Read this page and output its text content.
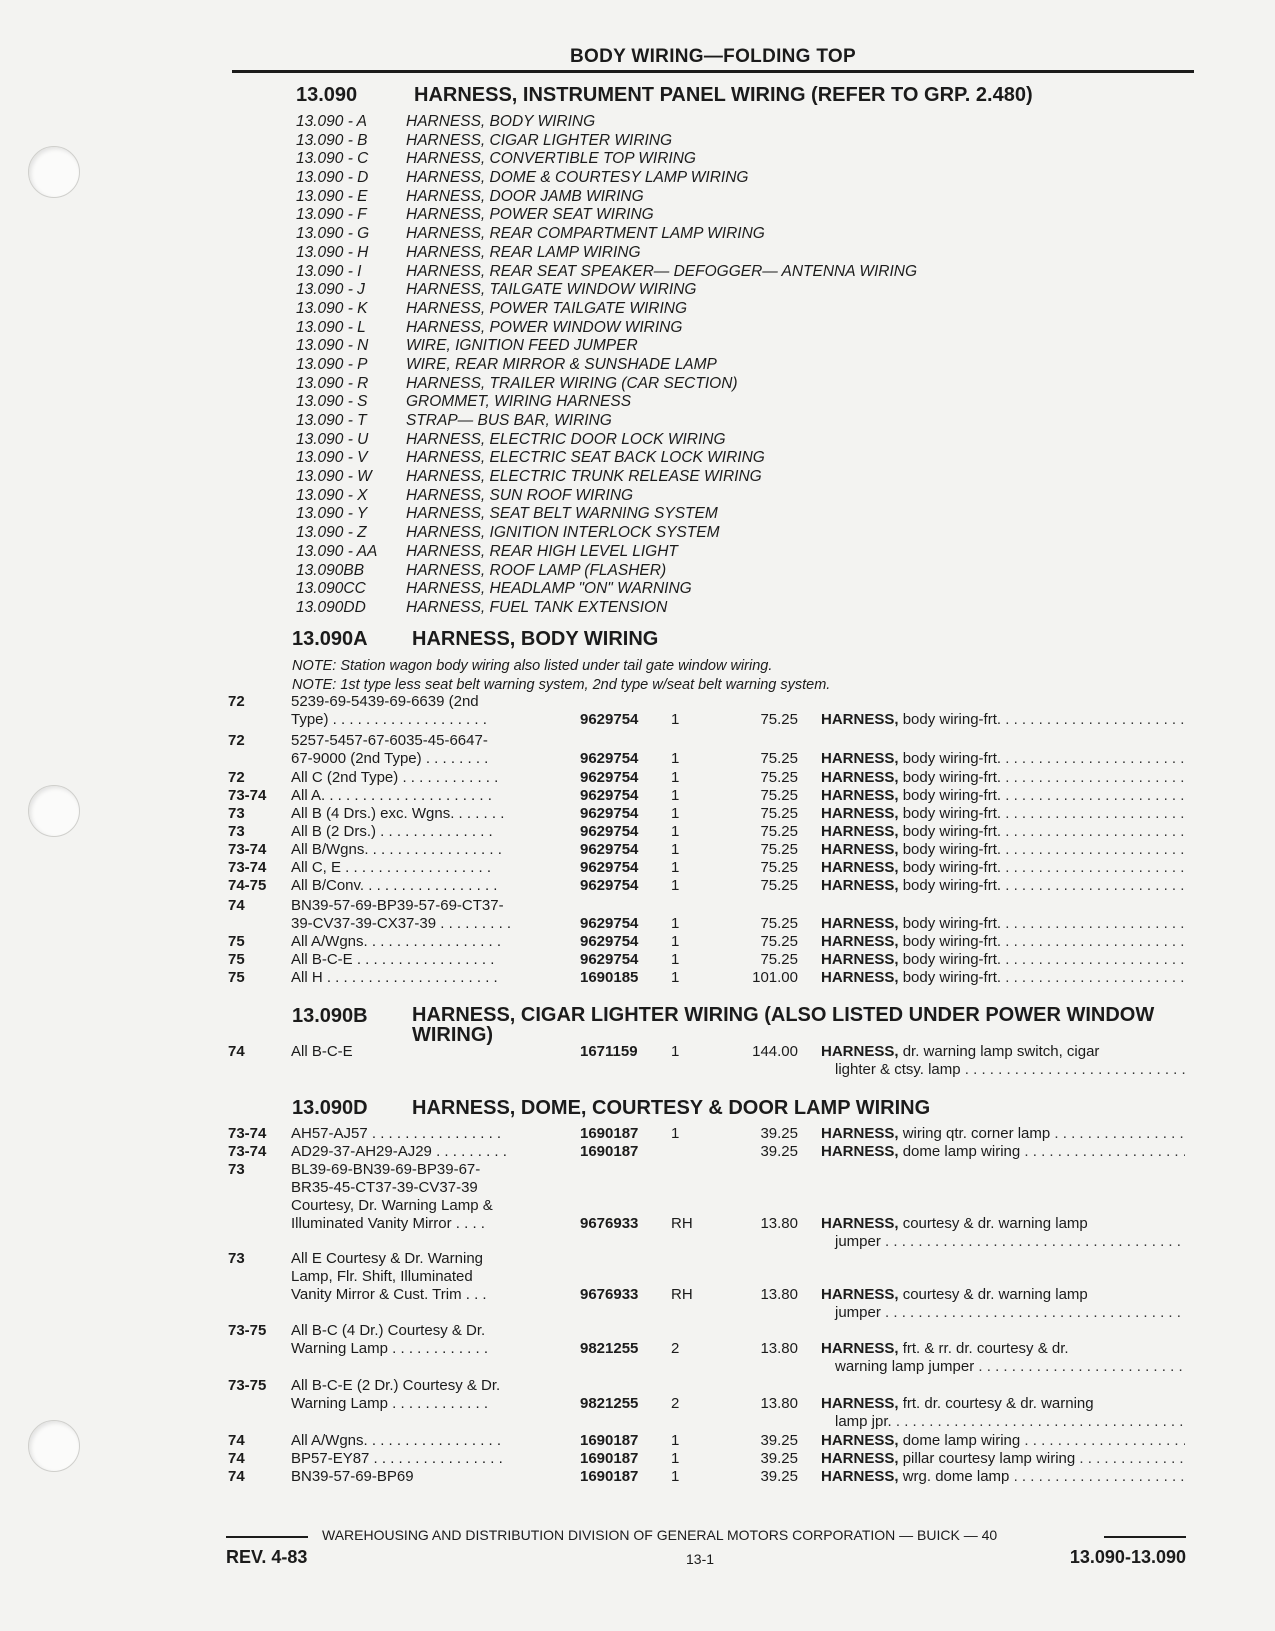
BODY WIRING—FOLDING TOP
13.090	HARNESS, INSTRUMENT PANEL WIRING (REFER TO GRP. 2.480)
13.090 - A	HARNESS, BODY WIRING
13.090 - B HARNESS, CIGAR LIGHTER WIRING
13.090 - C HARNESS, CONVERTIBLE TOP WIRING
13.090 - D HARNESS, DOME & COURTESY LAMP WIRING
13.090 - E HARNESS, DOOR JAMB WIRING
13.090 - F	HARNESS, POWER SEAT WIRING
13.090 - G HARNESS, REAR COMPARTMENT LAMP WIRING
13.090 - H HARNESS, REAR LAMP WIRING
13.090 - I	HARNESS, REAR SEAT SPEAKER— DEFOGGER— ANTENNA WIRING
13.090 - J	HARNESS, TAILGATE WINDOW WIRING
13.090 - K HARNESS, POWER TAILGATE WIRING
13.090 - L	HARNESS, POWER WINDOW WIRING
13.090 - N WIRE, IGNITION FEED JUMPER
13.090 - P WIRE, REAR MIRROR & SUNSHADE LAMP
13.090 - R HARNESS, TRAILER WIRING (CAR SECTION)
13.090 - S GROMMET, WIRING HARNESS
13.090 - T	STRAP— BUS BAR, WIRING
13.090 - U HARNESS, ELECTRIC DOOR LOCK WIRING
13.090 - V HARNESS, ELECTRIC SEAT BACK LOCK WIRING
13.090 - W HARNESS, ELECTRIC TRUNK RELEASE WIRING
13.090 - X HARNESS, SUN ROOF WIRING
13.090 - Y	HARNESS, SEAT BELT WARNING SYSTEM
13.090 - Z	HARNESS, IGNITION INTERLOCK SYSTEM
13.090 - AA HARNESS, REAR HIGH LEVEL LIGHT
13.090BB	HARNESS, ROOF LAMP (FLASHER)
13.090CC	HARNESS, HEADLAMP "ON" WARNING
13.090DD	HARNESS, FUEL TANK EXTENSION
13.090A HARNESS, BODY WIRING
NOTE: Station wagon body wiring also listed under tail gate window wiring.
NOTE: 1st type less seat belt warning system, 2nd type w/seat belt warning system.
72	5239-69-5439-69-6639 (2nd
Type) . . . . . . . . . . . . . . . . . . .	9629754 1	75.25 HARNESS, body wiring-frt. . . .
72	5257-5457-67-6035-45-6647-
67-9000 (2nd Type) . . . . . . . .	9629754 1	75.25 HARNESS, body wiring-frt. . . .
72	All C (2nd Type) . . . . . . . . . . . .	9629754 1	75.25 HARNESS, body wiring-frt. . . .
73-74 All A. . . . . . . . . . . . . . . . . . . . .	9629754 1	75.25 HARNESS, body wiring-frt. . . .
73	All B (4 Drs.) exc. Wgns. . . . . . .	9629754 1	75.25 HARNESS, body wiring-frt. . . .
73	All B (2 Drs.) . . . . . . . . . . . . . .	9629754 1	75.25 HARNESS, body wiring-frt. . . .
73-74 All B/Wgns. . . . . . . . . . . . . . . . .	9629754 1	75.25 HARNESS, body wiring-frt. . . .
73-74 All C, E . . . . . . . . . . . . . . . . . .	9629754 1	75.25 HARNESS, body wiring-frt. . . .
74-75 All B/Conv. . . . . . . . . . . . . . . . .	9629754 1	75.25 HARNESS, body wiring-frt. . . .
74	BN39-57-69-BP39-57-69-CT37-
39-CV37-39-CX37-39 . . . . . . . . .	9629754 1	75.25 HARNESS, body wiring-frt. . . .
75	All A/Wgns. . . . . . . . . . . . . . . . .	9629754 1	75.25 HARNESS, body wiring-frt. . . .
75	All B-C-E . . . . . . . . . . . . . . . . .	9629754 1	75.25 HARNESS, body wiring-frt. . . .
75	All H . . . . . . . . . . . . . . . . . . . . .	1690185 1	101.00 HARNESS, body wiring-frt. . . .
13.090B HARNESS, CIGAR LIGHTER WIRING (ALSO LISTED UNDER POWER WINDOW WIRING)
74	All B-C-E	1671159 1	144.00 HARNESS, dr. warning lamp switch, cigar
lighter & ctsy. lamp . . .
13.090D HARNESS, DOME, COURTESY & DOOR LAMP WIRING
73-74 AH57-AJ57 . . . . . . . . . . . . . . . .	1690187 1	39.25 HARNESS, wiring qtr. corner lamp . . .
73-74 AD29-37-AH29-AJ29 . . . . . . . . .	1690187	39.25 HARNESS, dome lamp wiring . . .
73	BL39-69-BN39-69-BP39-67-
BR35-45-CT37-39-CV37-39
Courtesy, Dr. Warning Lamp &
Illuminated Vanity Mirror . . . .	9676933 RH	13.80 HARNESS, courtesy & dr. warning lamp
jumper . . .
73	All E Courtesy & Dr. Warning
Lamp, Flr. Shift, Illuminated
Vanity Mirror & Cust. Trim . . .	9676933 RH	13.80 HARNESS, courtesy & dr. warning lamp
jumper . . .
73-75 All B-C (4 Dr.) Courtesy & Dr.
Warning Lamp . . . . . . . . . . . .	9821255 2	13.80 HARNESS, frt. & rr. dr. courtesy & dr.
warning lamp jumper . . .
73-75 All B-C-E (2 Dr.) Courtesy & Dr.
Warning Lamp . . . . . . . . . . . .	9821255 2	13.80 HARNESS, frt. dr. courtesy & dr. warning
lamp jpr. . . .
74	All A/Wgns. . . . . . . . . . . . . . . . .	1690187 1	39.25 HARNESS, dome lamp wiring . . .
74	BP57-EY87 . . . . . . . . . . . . . . . .	1690187 1	39.25 HARNESS, pillar courtesy lamp wiring . . .
74	BN39-57-69-BP69	1690187 1	39.25 HARNESS, wrg. dome lamp . . .
WAREHOUSING AND DISTRIBUTION DIVISION OF GENERAL MOTORS CORPORATION — BUICK — 40
REV. 4-83	13-1	13.090-13.090
